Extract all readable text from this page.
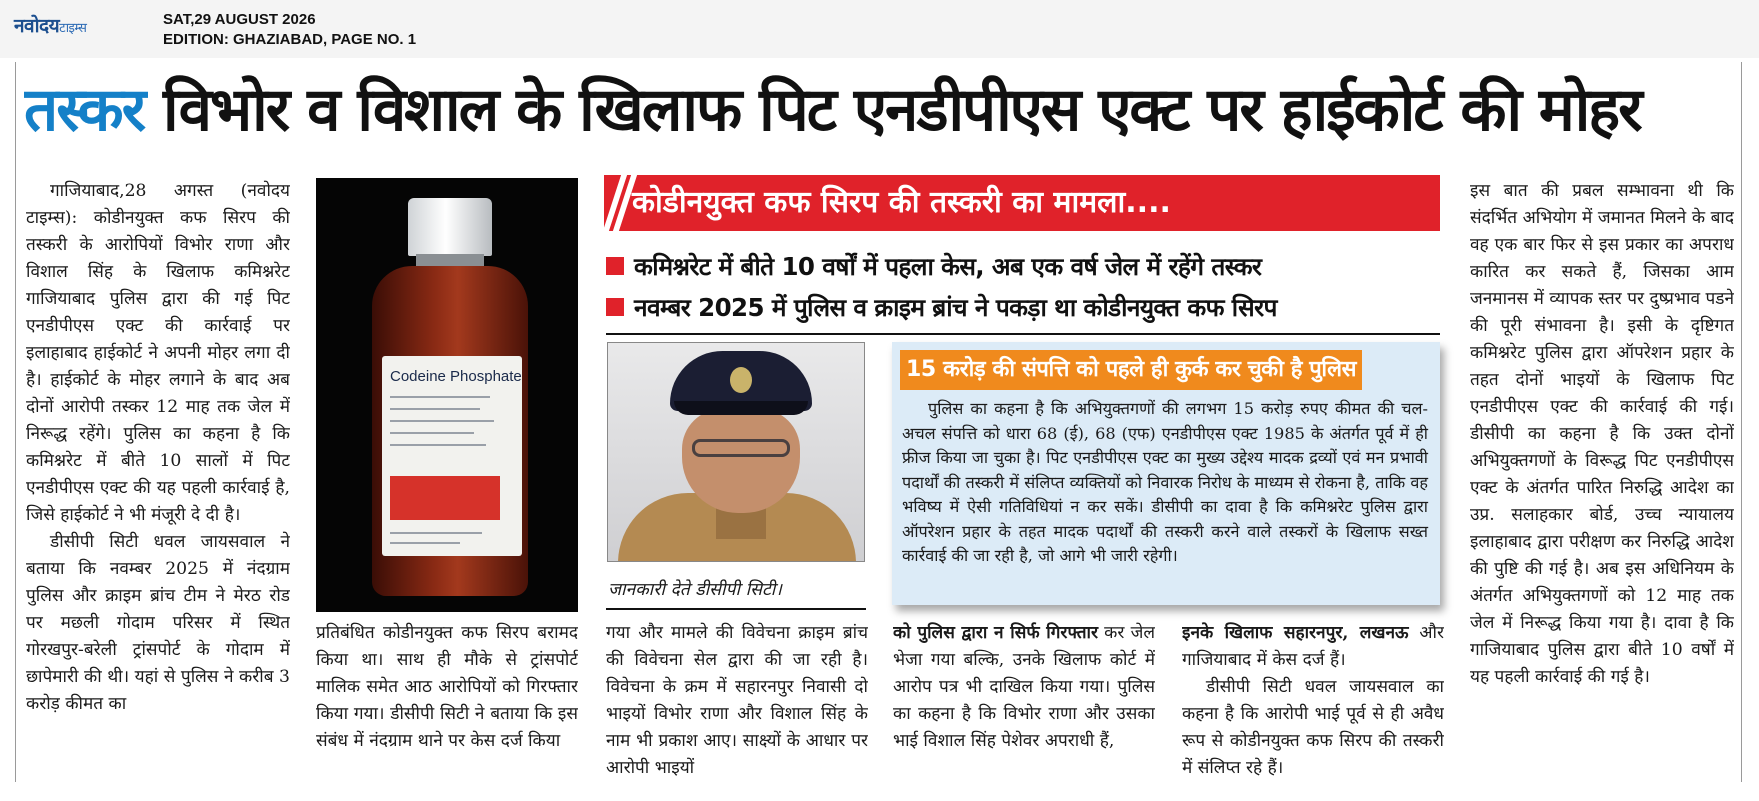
नवोदयटाइम्स
SAT,29 AUGUST 2026
EDITION: GHAZIABAD, PAGE NO. 1
तस्कर विभोर व विशाल के खिलाफ पिट एनडीपीएस एक्ट पर हाईकोर्ट की मोहर

गाजियाबाद,28 अगस्त (नवोदय टाइम्स): कोडीनयुक्त कफ सिरप की तस्करी के आरोपियों विभोर राणा और विशाल सिंह के खिलाफ कमिश्नरेट गाजियाबाद पुलिस द्वारा की गई पिट एनडीपीएस एक्ट की कार्रवाई पर इलाहाबाद हाईकोर्ट ने अपनी मोहर लगा दी है। हाईकोर्ट के मोहर लगाने के बाद अब दोनों आरोपी तस्कर 12 माह तक जेल में निरूद्ध रहेंगे। पुलिस का कहना है कि कमिश्नरेट में बीते 10 सालों में पिट एनडीपीएस एक्ट की यह पहली कार्रवाई है, जिसे हाईकोर्ट ने भी मंजूरी दे दी है।

डीसीपी सिटी धवल जायसवाल ने बताया कि नवम्बर 2025 में नंदग्राम पुलिस और क्राइम ब्रांच टीम ने मेरठ रोड पर मछली गोदाम परिसर में स्थित गोरखपुर-बरेली ट्रांसपोर्ट के गोदाम में छापेमारी की थी। यहां से पुलिस ने करीब 3 करोड़ कीमत का

Codeine Phosphate
प्रतिबंधित कोडीनयुक्त कफ सिरप बरामद किया था। साथ ही मौके से ट्रांसपोर्ट मालिक समेत आठ आरोपियों को गिरफ्तार किया गया। डीसीपी सिटी ने बताया कि इस संबंध में नंदग्राम थाने पर केस दर्ज किया
कोडीनयुक्त कफ सिरप की तस्करी का मामला....
कमिश्नरेट में बीते 10 वर्षों में पहला केस, अब एक वर्ष जेल में रहेंगे तस्कर
नवम्बर 2025 में पुलिस व क्राइम ब्रांच ने पकड़ा था कोडीनयुक्त कफ सिरप
जानकारी देते डीसीपी सिटी।
गया और मामले की विवेचना क्राइम ब्रांच की विवेचना सेल द्वारा की जा रही है। विवेचना के क्रम में सहारनपुर निवासी दो भाइयों विभोर राणा और विशाल सिंह के नाम भी प्रकाश आए। साक्ष्यों के आधार पर आरोपी भाइयों
15 करोड़ की संपत्ति को पहले ही कुर्क कर चुकी है पुलिस
पुलिस का कहना है कि अभियुक्तगणों की लगभग 15 करोड़ रुपए कीमत की चल-अचल संपत्ति को धारा 68 (ई), 68 (एफ) एनडीपीएस एक्ट 1985 के अंतर्गत पूर्व में ही फ्रीज किया जा चुका है। पिट एनडीपीएस एक्ट का मुख्य उद्देश्य मादक द्रव्यों एवं मन प्रभावी पदार्थों की तस्करी में संलिप्त व्यक्तियों को निवारक निरोध के माध्यम से रोकना है, ताकि वह भविष्य में ऐसी गतिविधियां न कर सकें। डीसीपी का दावा है कि कमिश्नरेट पुलिस द्वारा ऑपरेशन प्रहार के तहत मादक पदार्थों की तस्करी करने वाले तस्करों के खिलाफ सख्त कार्रवाई की जा रही है, जो आगे भी जारी रहेगी।
को पुलिस द्वारा न सिर्फ गिरफ्तार कर जेल भेजा गया बल्कि, उनके खिलाफ कोर्ट में आरोप पत्र भी दाखिल किया गया। पुलिस का कहना है कि विभोर राणा और उसका भाई विशाल सिंह पेशेवर अपराधी हैं,
इनके खिलाफ सहारनपुर, लखनऊ और गाजियाबाद में केस दर्ज हैं।

डीसीपी सिटी धवल जायसवाल का कहना है कि आरोपी भाई पूर्व से ही अवैध रूप से कोडीनयुक्त कफ सिरप की तस्करी में संलिप्त रहे हैं।

इस बात की प्रबल सम्भावना थी कि संदर्भित अभियोग में जमानत मिलने के बाद वह एक बार फिर से इस प्रकार का अपराध कारित कर सकते हैं, जिसका आम जनमानस में व्यापक स्तर पर दुष्प्रभाव पडने की पूरी संभावना है। इसी के दृष्टिगत कमिश्नरेट पुलिस द्वारा ऑपरेशन प्रहार के तहत दोनों भाइयों के खिलाफ पिट एनडीपीएस एक्ट की कार्रवाई की गई। डीसीपी का कहना है कि उक्त दोनों अभियुक्तगणों के विरूद्ध पिट एनडीपीएस एक्ट के अंतर्गत पारित निरुद्धि आदेश का उप्र. सलाहकार बोर्ड, उच्च न्यायालय इलाहाबाद द्वारा परीक्षण कर निरुद्धि आदेश की पुष्टि की गई है। अब इस अधिनियम के अंतर्गत अभियुक्तगणों को 12 माह तक जेल में निरूद्ध किया गया है। दावा है कि गाजियाबाद पुलिस द्वारा बीते 10 वर्षों में यह पहली कार्रवाई की गई है।
